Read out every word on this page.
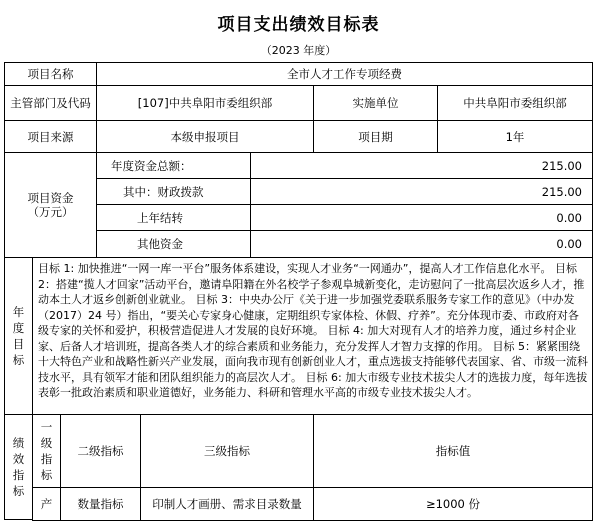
项目支出绩效目标表
（2023 年度）
项目名称	全市人才工作专项经费
主管部门及代码	[107]中共阜阳市委组织部	实施单位	中共阜阳市委组织部
项目来源	本级申报项目	项目期	1年
项目资金
（万元）
年度资金总额：	215.00
其中：财政拨款	215.00
上年结转	0.00
其他资金	0.00
年
度
目
标
目标 1: 加快推进“一网一库一平台”服务体系建设，实现人才业务“一网通办”，提高人才工作信息化水平。 目标 2：搭建“揽人才回家”活动平台，邀请阜阳籍在外名校学子参观阜城新变化，走访慰问了一批高层次返乡人才，推动本土人才返乡创新创业就业。 目标 3：中央办公厅《关于进一步加强党委联系服务专家工作的意见》（中办发（2017）24 号）指出，“要关心专家身心健康，定期组织专家体检、休假、疗养”。充分体现市委、市政府对各级专家的关怀和爱护，积极营造促进人才发展的良好环境。 目标 4: 加大对现有人才的培养力度，通过乡村企业家、后备人才培训班，提高各类人才的综合素质和业务能力，充分发挥人才智力支撑的作用。 目标 5：紧紧围绕十大特色产业和战略性新兴产业发展，面向我市现有创新创业人才，重点选拔支持能够代表国家、省、市级一流科技水平，具有领军才能和团队组织能力的高层次人才。 目标 6: 加大市级专业技术拔尖人才的选拔力度，每年选拔表彰一批政治素质和职业道德好，业务能力、科研和管理水平高的市级专业技术拔尖人才。
绩
效
指
标
一
级
指
标
二级指标	三级指标	指标值
产	数量指标	印制人才画册、需求目录数量	≥1000 份
